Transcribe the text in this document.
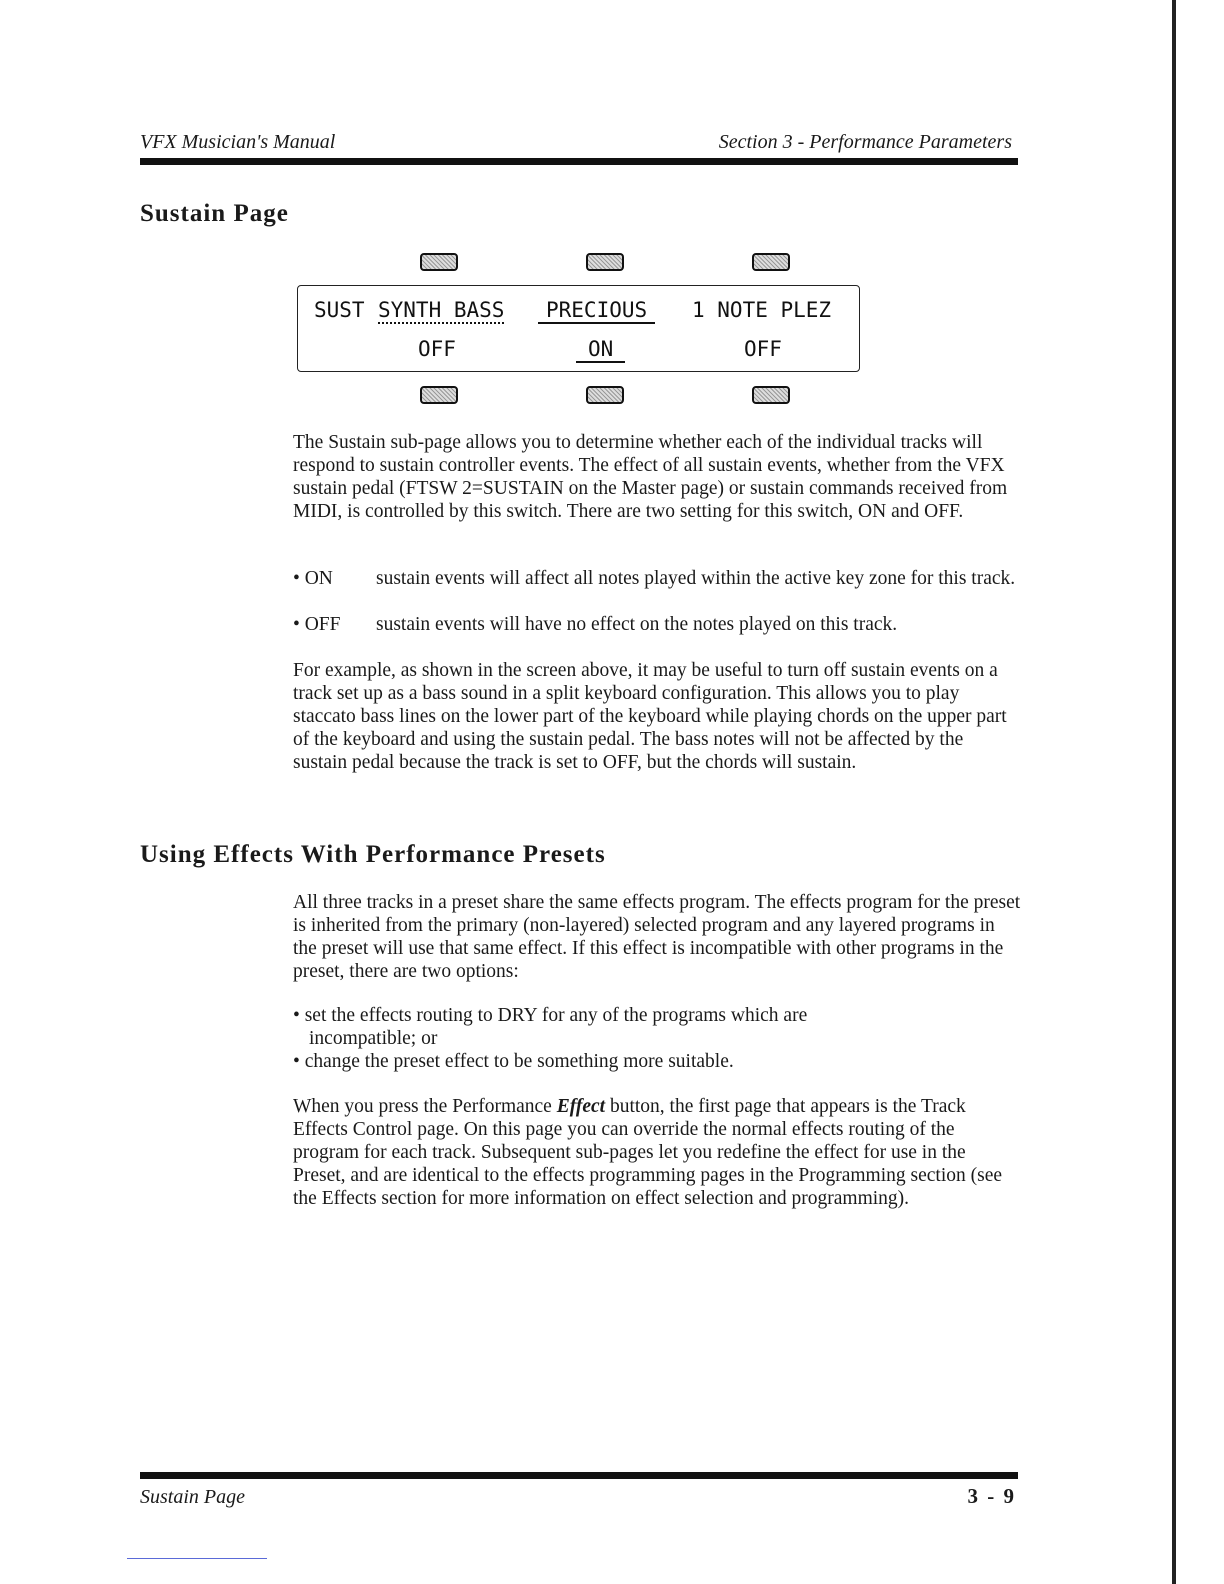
VFX Musician's Manual	Section 3 - Performance Parameters
Sustain Page
SUST SYNTH BASS	PRECIOUS	1 NOTE PLEZ
OFF	ON	OFF

The Sustain sub-page allows you to determine whether each of the individual tracks will respond to sustain controller events. The effect of all sustain events, whether from the VFX sustain pedal (FTSW 2=SUSTAIN on the Master page) or sustain commands received from MIDI, is controlled by this switch. There are two setting for this switch, ON and OFF.

• ON sustain events will affect all notes played within the active key zone for this track.
• OFF sustain events will have no effect on the notes played on this track.

For example, as shown in the screen above, it may be useful to turn off sustain events on a track set up as a bass sound in a split keyboard configuration. This allows you to play staccato bass lines on the lower part of the keyboard while playing chords on the upper part of the keyboard and using the sustain pedal. The bass notes will not be affected by the sustain pedal because the track is set to OFF, but the chords will sustain.

Using Effects With Performance Presets

All three tracks in a preset share the same effects program. The effects program for the preset is inherited from the primary (non-layered) selected program and any layered programs in the preset will use that same effect. If this effect is incompatible with other programs in the preset, there are two options:

• set the effects routing to DRY for any of the programs which are incompatible; or

• change the preset effect to be something more suitable.

When you press the Performance Effect button, the first page that appears is the Track Effects Control page. On this page you can override the normal effects routing of the program for each track. Subsequent sub-pages let you redefine the effect for use in the Preset, and are identical to the effects programming pages in the Programming section (see the Effects section for more information on effect selection and programming).

Sustain Page	3 - 9
